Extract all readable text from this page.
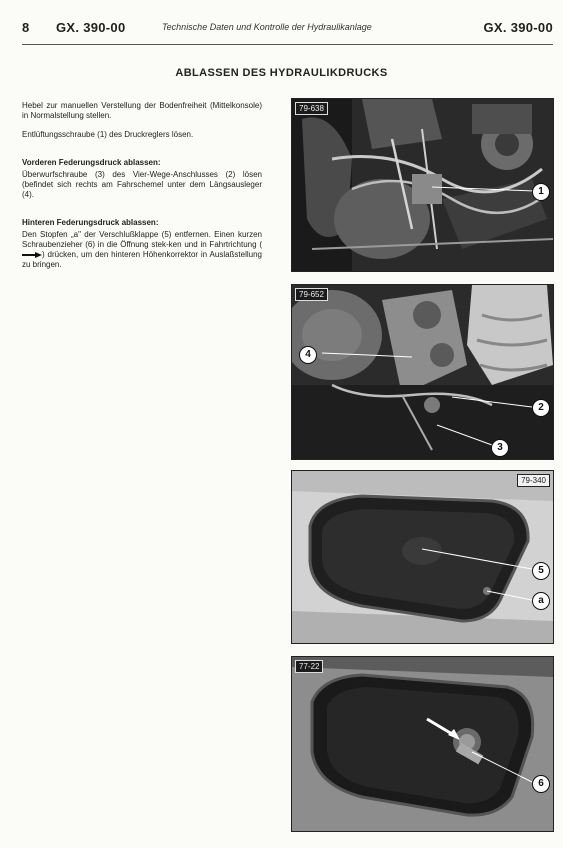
8 GX. 390-00	Technische Daten und Kontrolle der Hydraulikanlage	GX. 390-00
ABLASSEN DES HYDRAULIKDRUCKS

Hebel zur manuellen Verstellung der Bodenfreiheit (Mittelkonsole) in Normalstellung stellen.

Entlüftungsschraube (1) des Druckreglers lösen.

Vorderen Federungsdruck ablassen:

Überwurfschraube (3) des Vier-Wege-Anschlusses (2) lösen (befindet sich rechts am Fahrschemel unter dem Längsausleger (4).

Hinteren Federungsdruck ablassen:

Den Stopfen „a" der Verschlußklappe (5) entfernen. Einen kurzen Schraubenzieher (6) in die Öffnung stek-ken und in Fahrtrichtung () drücken, um den hinteren Höhenkorrektor in Auslaßstellung zu bringen.

79-638
1
79-652
4
2
3
79-340
5
a
77-22
6
